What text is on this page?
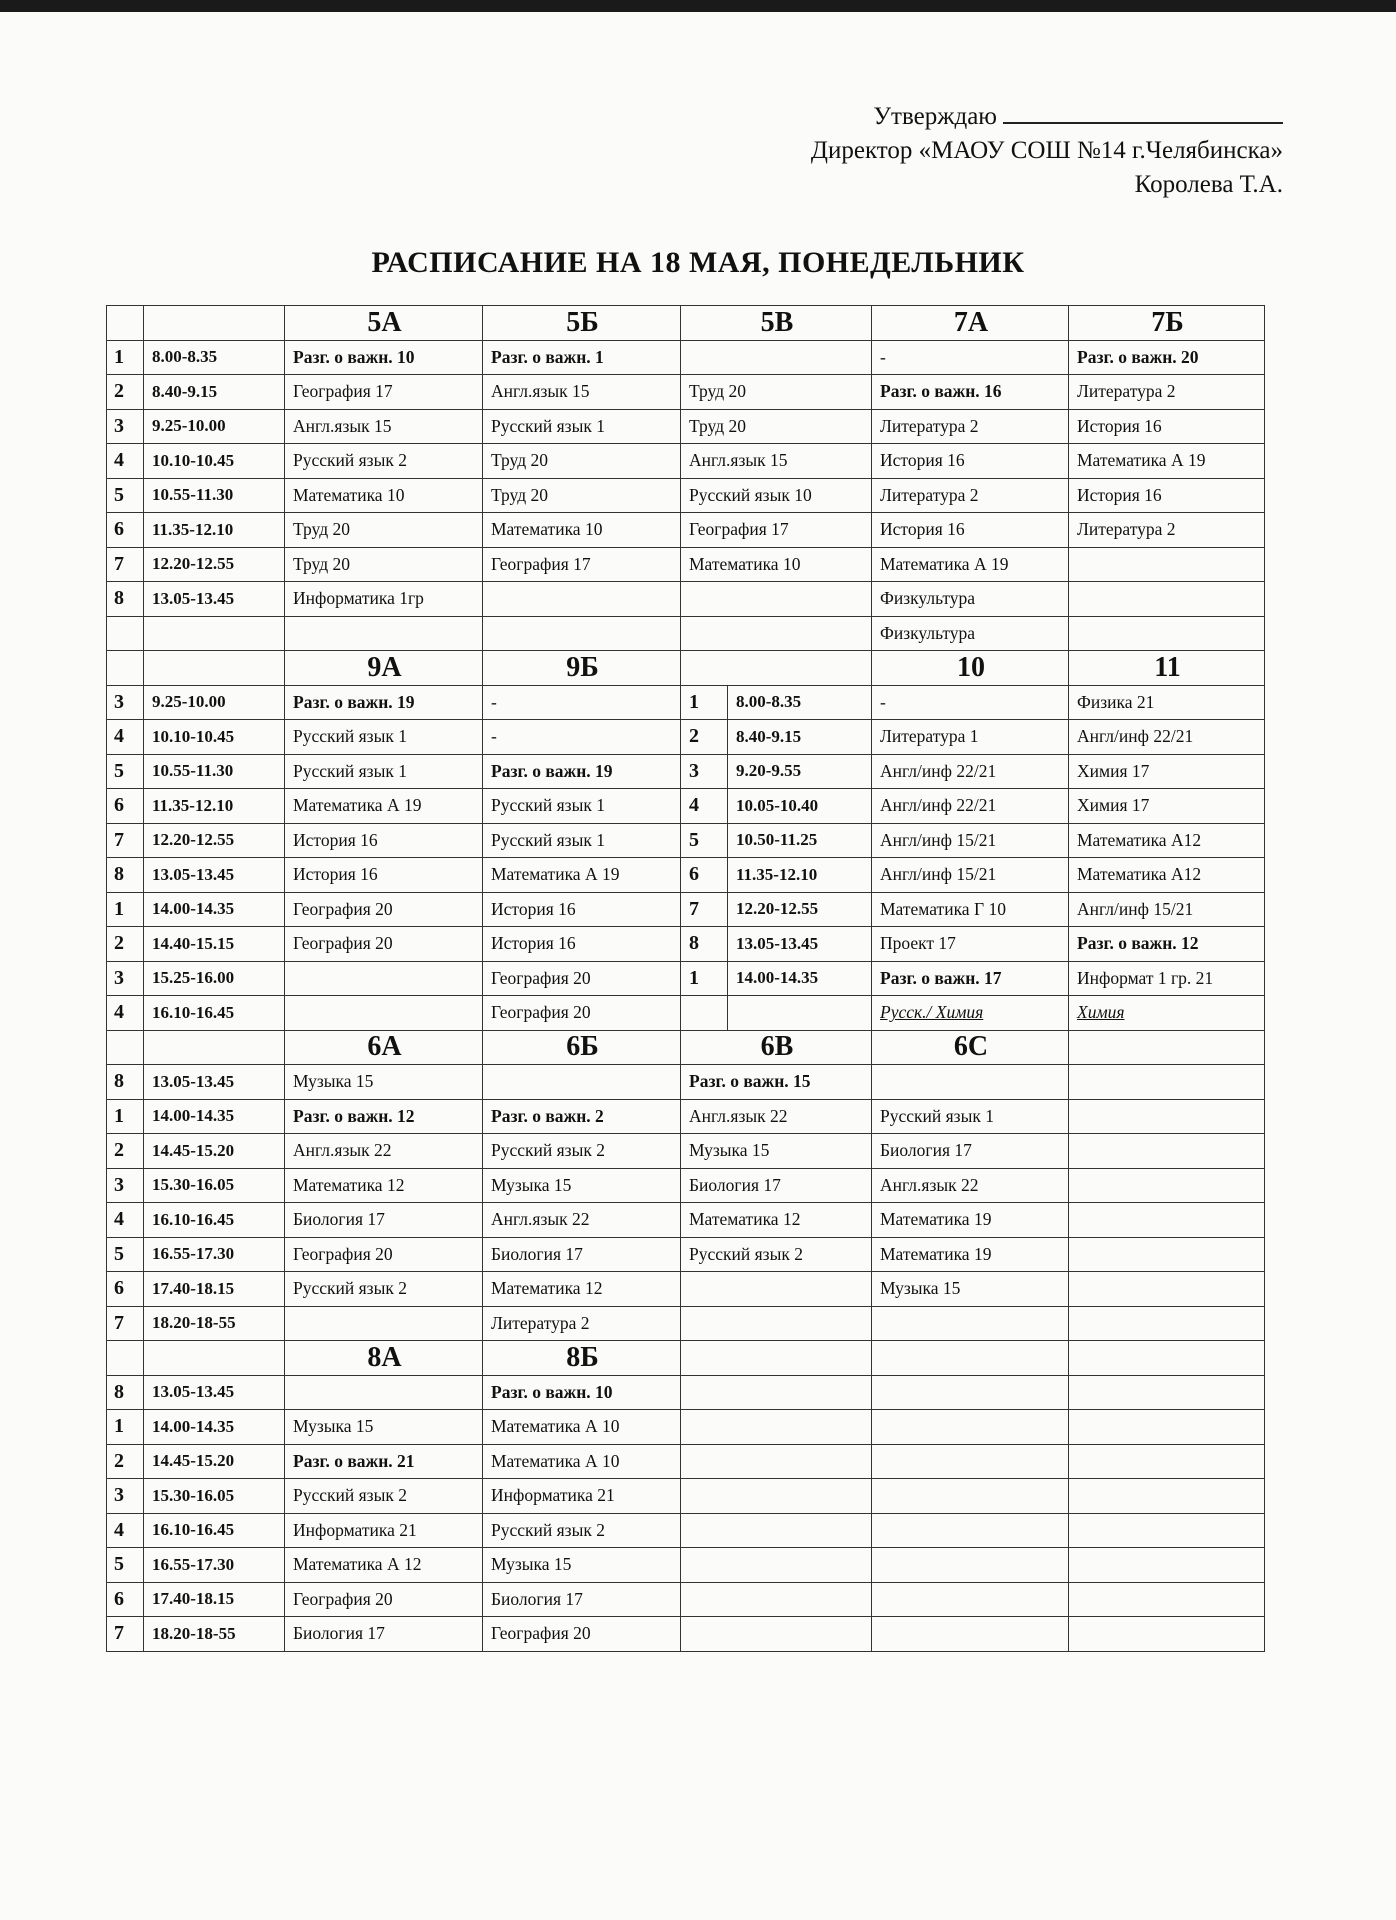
Утверждаю
Директор «МАОУ СОШ №14 г.Челябинска»
Королева Т.А.
РАСПИСАНИЕ НА 18 МАЯ, ПОНЕДЕЛЬНИК
		5А	5Б	5В	7А	7Б
1	8.00-8.35	Разг. о важн. 10	Разг. о важн. 1		-	Разг. о важн. 20
2	8.40-9.15	География 17	Англ.язык 15	Труд 20	Разг. о важн. 16	Литература 2
3	9.25-10.00	Англ.язык 15	Русский язык 1	Труд 20	Литература 2	История 16
4	10.10-10.45	Русский язык 2	Труд 20	Англ.язык 15	История 16	Математика А 19
5	10.55-11.30	Математика 10	Труд 20	Русский язык 10	Литература 2	История 16
6	11.35-12.10	Труд 20	Математика 10	География 17	История 16	Литература 2
7	12.20-12.55	Труд 20	География 17	Математика 10	Математика А 19	
8	13.05-13.45	Информатика 1гр			Физкультура	
					Физкультура	
		9А	9Б		10	11
3	9.25-10.00	Разг. о важн. 19	-	1	8.00-8.35	-	Физика 21
4	10.10-10.45	Русский язык 1	-	2	8.40-9.15	Литература 1	Англ/инф 22/21
5	10.55-11.30	Русский язык 1	Разг. о важн. 19	3	9.20-9.55	Англ/инф 22/21	Химия 17
6	11.35-12.10	Математика А 19	Русский язык 1	4	10.05-10.40	Англ/инф 22/21	Химия 17
7	12.20-12.55	История 16	Русский язык 1	5	10.50-11.25	Англ/инф 15/21	Математика А12
8	13.05-13.45	История 16	Математика А 19	6	11.35-12.10	Англ/инф 15/21	Математика А12
1	14.00-14.35	География 20	История 16	7	12.20-12.55	Математика Г 10	Англ/инф 15/21
2	14.40-15.15	География 20	История 16	8	13.05-13.45	Проект 17	Разг. о важн. 12
3	15.25-16.00		География 20	1	14.00-14.35	Разг. о важн. 17	Информат 1 гр. 21
4	16.10-16.45		География 20			Русск./ Химия	Химия
		6А	6Б	6В	6С	
8	13.05-13.45	Музыка 15		Разг. о важн. 15		
1	14.00-14.35	Разг. о важн. 12	Разг. о важн. 2	Англ.язык 22	Русский язык 1	
2	14.45-15.20	Англ.язык 22	Русский язык 2	Музыка 15	Биология 17	
3	15.30-16.05	Математика 12	Музыка 15	Биология 17	Англ.язык 22	
4	16.10-16.45	Биология 17	Англ.язык 22	Математика 12	Математика 19	
5	16.55-17.30	География 20	Биология 17	Русский язык 2	Математика 19	
6	17.40-18.15	Русский язык 2	Математика 12		Музыка 15	
7	18.20-18-55		Литература 2			
		8А	8Б			
8	13.05-13.45		Разг. о важн. 10			
1	14.00-14.35	Музыка 15	Математика А 10			
2	14.45-15.20	Разг. о важн. 21	Математика А 10			
3	15.30-16.05	Русский язык 2	Информатика 21			
4	16.10-16.45	Информатика 21	Русский язык 2			
5	16.55-17.30	Математика А 12	Музыка 15			
6	17.40-18.15	География 20	Биология 17			
7	18.20-18-55	Биология 17	География 20			
